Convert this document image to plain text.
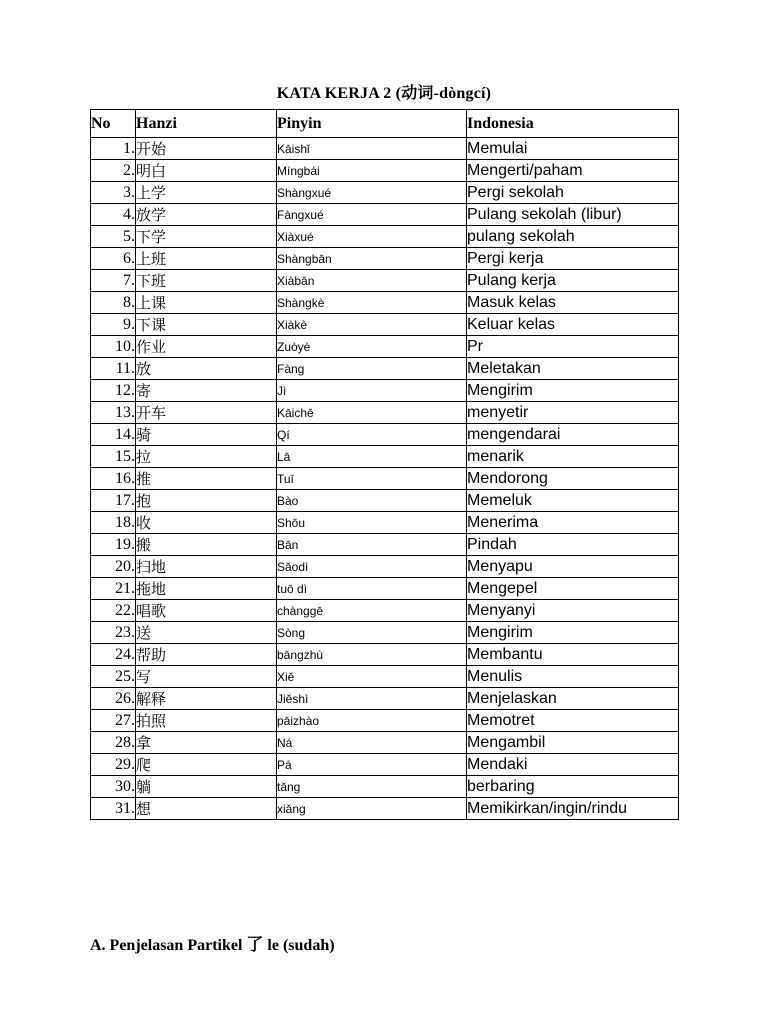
KATA KERJA 2 (动词-dòngcí)
No	Hanzi	Pinyin	Indonesia
1.	开始	Kāishǐ	Memulai
2.	明白	Míngbái	Mengerti/paham
3.	上学	Shàngxué	Pergi sekolah
4.	放学	Fàngxué	Pulang sekolah (libur)
5.	下学	Xiàxué	pulang sekolah
6.	上班	Shàngbān	Pergi kerja
7.	下班	Xiàbān	Pulang kerja
8.	上课	Shàngkè	Masuk kelas
9.	下课	Xiàkè	Keluar kelas
10.	作业	Zuòyè	Pr
11.	放	Fàng	Meletakan
12.	寄	Jì	Mengirim
13.	开车	Kāichē	menyetir
14.	骑	Qí	mengendarai
15.	拉	Lā	menarik
16.	推	Tuī	Mendorong
17.	抱	Bào	Memeluk
18.	收	Shōu	Menerima
19.	搬	Bān	Pindah
20.	扫地	Sǎodì	Menyapu
21.	拖地	tuō dì	Mengepel
22.	唱歌	chànggē	Menyanyi
23.	送	Sòng	Mengirim
24.	帮助	bāngzhù	Membantu
25.	写	Xiě	Menulis
26.	解释	Jiěshì	Menjelaskan
27.	拍照	pāizhào	Memotret
28.	拿	Ná	Mengambil
29.	爬	Pá	Mendaki
30.	躺	tǎng	berbaring
31.	想	xiǎng	Memikirkan/ingin/rindu
A. Penjelasan Partikel 了 le (sudah)
